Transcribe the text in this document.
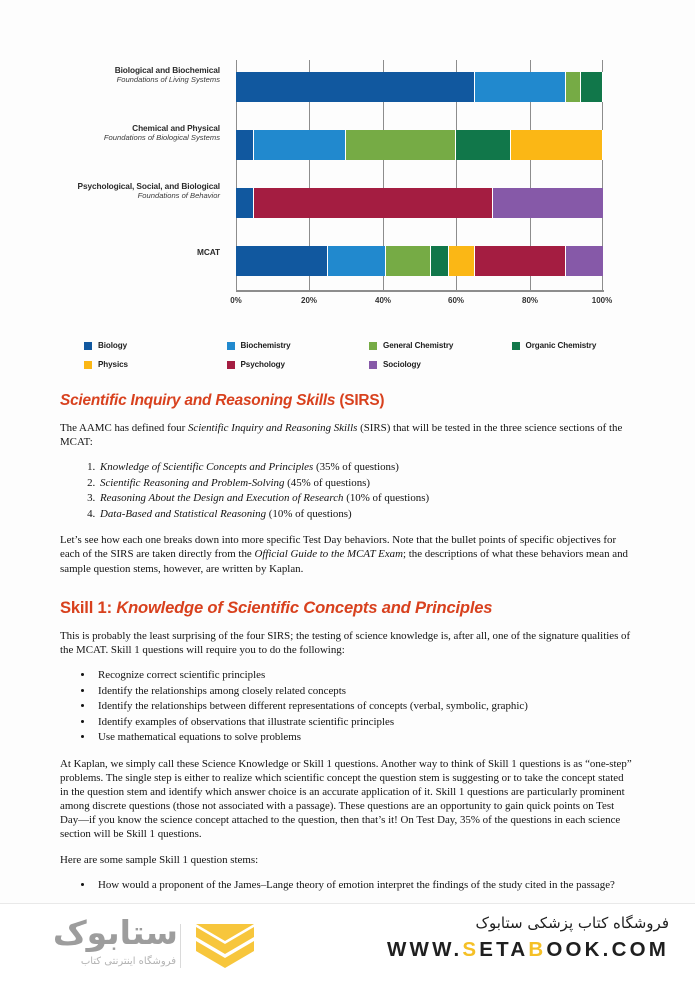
Biological and Biochemical
Foundations of Living Systems
Chemical and Physical
Foundations of Biological Systems
Psychological, Social, and Biological
Foundations of Behavior
MCAT
0%	20%	40%	60%	80%	100%
Biology	Biochemistry	General Chemistry	Organic Chemistry
Physics	Psychology	Sociology
Scientific Inquiry and Reasoning Skills (SIRS)

The AAMC has defined four Scientific Inquiry and Reasoning Skills (SIRS) that will be tested in the three science sections of the MCAT:

1. Knowledge of Scientific Concepts and Principles (35% of questions)
2. Scientific Reasoning and Problem-Solving (45% of questions)
3. Reasoning About the Design and Execution of Research (10% of questions)
4. Data-Based and Statistical Reasoning (10% of questions)

Let’s see how each one breaks down into more specific Test Day behaviors. Note that the bullet points of specific objectives for each of the SIRS are taken directly from the Official Guide to the MCAT Exam; the descriptions of what these behaviors mean and sample question stems, however, are written by Kaplan.

Skill 1: Knowledge of Scientific Concepts and Principles

This is probably the least surprising of the four SIRS; the testing of science knowledge is, after all, one of the signature qualities of the MCAT. Skill 1 questions will require you to do the following:

• Recognize correct scientific principles
• Identify the relationships among closely related concepts
• Identify the relationships between different representations of concepts (verbal, symbolic, graphic)
• Identify examples of observations that illustrate scientific principles
• Use mathematical equations to solve problems

At Kaplan, we simply call these Science Knowledge or Skill 1 questions. Another way to think of Skill 1 questions is as “one-step” problems. The single step is either to realize which scientific concept the question stem is suggesting or to take the concept stated in the question stem and identify which answer choice is an accurate application of it. Skill 1 questions are particularly prominent among discrete questions (those not associated with a passage). These questions are an opportunity to gain quick points on Test Day—if you know the science concept attached to the question, then that’s it! On Test Day, 35% of the questions in each science section will be Skill 1 questions.

Here are some sample Skill 1 question stems:

• How would a proponent of the James–Lange theory of emotion interpret the findings of the study cited in the passage?
ستابوک
فروشگاه اینترنتی کتاب
فروشگاه کتاب پزشکی ستابوک
WWW.SETABOOK.COM
